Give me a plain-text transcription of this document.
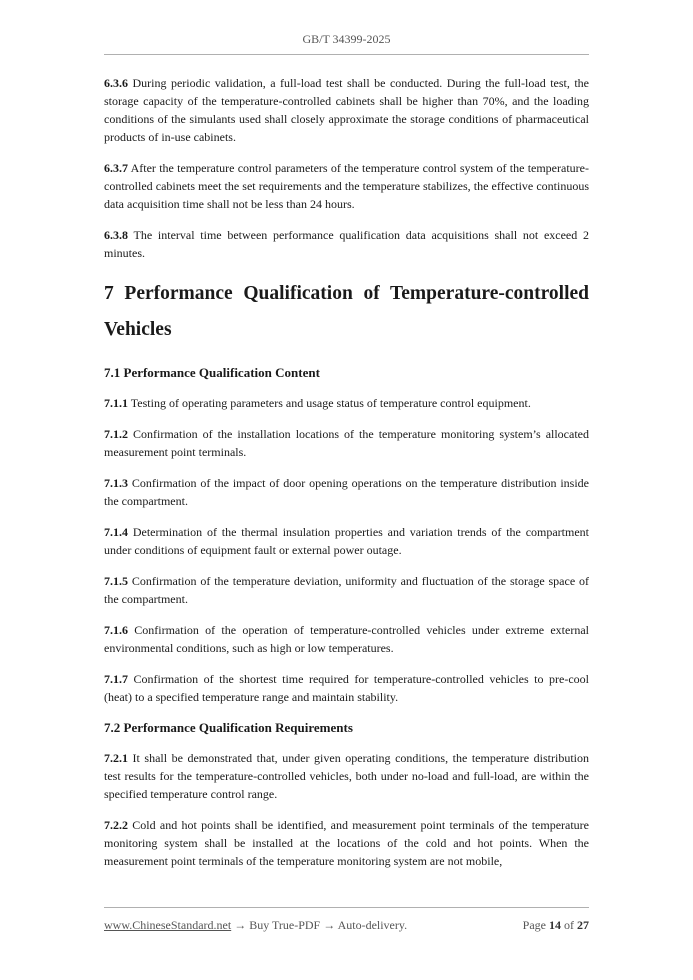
GB/T 34399-2025

6.3.6 During periodic validation, a full-load test shall be conducted. During the full-load test, the storage capacity of the temperature-controlled cabinets shall be higher than 70%, and the loading conditions of the simulants used shall closely approximate the storage conditions of pharmaceutical products of in-use cabinets.

6.3.7 After the temperature control parameters of the temperature control system of the temperature-controlled cabinets meet the set requirements and the temperature stabilizes, the effective continuous data acquisition time shall not be less than 24 hours.

6.3.8 The interval time between performance qualification data acquisitions shall not exceed 2 minutes.

7 Performance Qualification of Temperature-controlled
Vehicles
7.1 Performance Qualification Content

7.1.1 Testing of operating parameters and usage status of temperature control equipment.

7.1.2 Confirmation of the installation locations of the temperature monitoring system’s allocated measurement point terminals.

7.1.3 Confirmation of the impact of door opening operations on the temperature distribution inside the compartment.

7.1.4 Determination of the thermal insulation properties and variation trends of the compartment under conditions of equipment fault or external power outage.

7.1.5 Confirmation of the temperature deviation, uniformity and fluctuation of the storage space of the compartment.

7.1.6 Confirmation of the operation of temperature-controlled vehicles under extreme external environmental conditions, such as high or low temperatures.

7.1.7 Confirmation of the shortest time required for temperature-controlled vehicles to pre-cool (heat) to a specified temperature range and maintain stability.

7.2 Performance Qualification Requirements

7.2.1 It shall be demonstrated that, under given operating conditions, the temperature distribution test results for the temperature-controlled vehicles, both under no-load and full-load, are within the specified temperature control range.

7.2.2 Cold and hot points shall be identified, and measurement point terminals of the temperature monitoring system shall be installed at the locations of the cold and hot points. When the measurement point terminals of the temperature monitoring system are not mobile,

www.ChineseStandard.net → Buy True-PDF → Auto-delivery.	Page 14 of 27
